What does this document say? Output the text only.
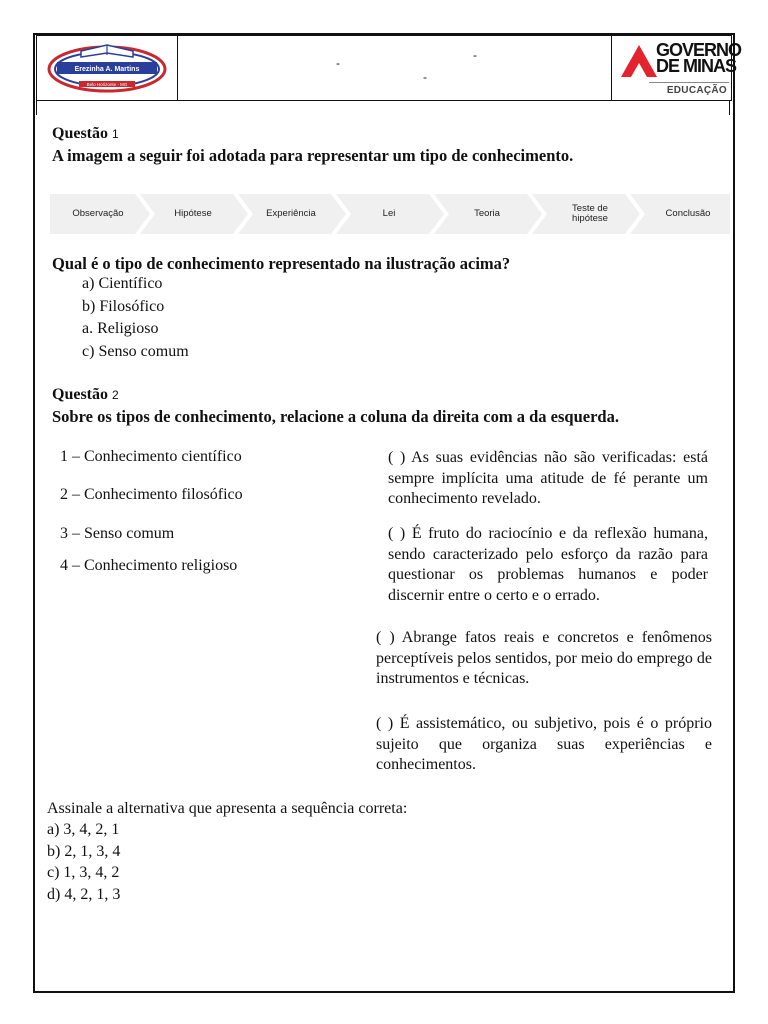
Erezinha A. Martins
Belo Horizonte - MG
-
-
-
GOVERNO
DE MINAS
EDUCAÇÃO
Questão 1
A imagem a seguir foi adotada para representar um tipo de conhecimento.
Observação	Hipótese	Experiência	Lei	Teoria	Teste de hipótese	Conclusão
Qual é o tipo de conhecimento representado na ilustração acima?
a) Científico
b) Filosófico
a. Religioso
c) Senso comum
Questão 2
Sobre os tipos de conhecimento, relacione a coluna da direita com a da esquerda.
1 – Conhecimento científico
2 – Conhecimento filosófico
3 – Senso comum
4 – Conhecimento religioso
( ) As suas evidências não são verificadas: está sempre implícita uma atitude de fé perante um conhecimento revelado.
( ) É fruto do raciocínio e da reflexão humana, sendo caracterizado pelo esforço da razão para questionar os problemas humanos e poder discernir entre o certo e o errado.
( ) Abrange fatos reais e concretos e fenômenos perceptíveis pelos sentidos, por meio do emprego de instrumentos e técnicas.
( ) É assistemático, ou subjetivo, pois é o próprio sujeito que organiza suas experiências e conhecimentos.
Assinale a alternativa que apresenta a sequência correta:
a) 3, 4, 2, 1
b) 2, 1, 3, 4
c) 1, 3, 4, 2
d) 4, 2, 1, 3
